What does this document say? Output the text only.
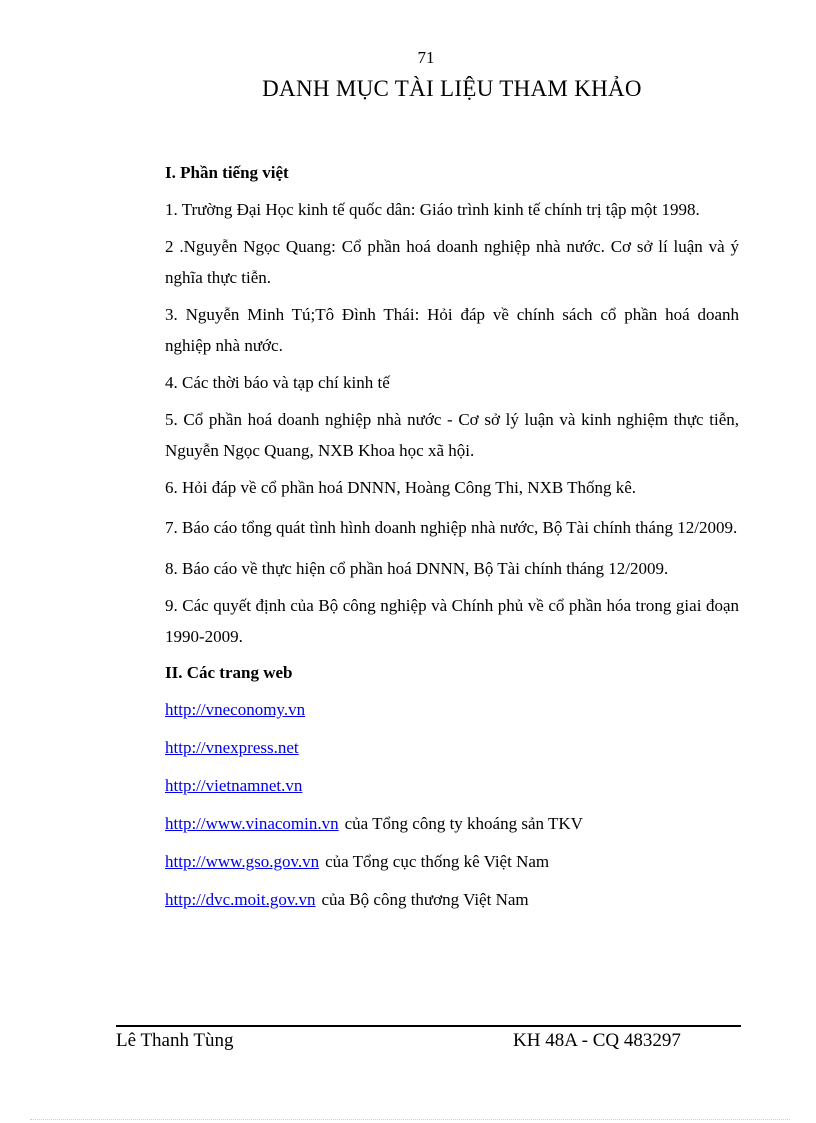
71
DANH MỤC TÀI LIỆU THAM KHẢO

I. Phần tiếng việt

1. Trường Đại Học kinh tế quốc dân: Giáo trình kinh tế chính trị tập một 1998.

2 .Nguyễn Ngọc Quang: Cổ phần hoá doanh nghiệp nhà nước. Cơ sở lí luận và ý nghĩa thực tiễn.

3. Nguyễn Minh Tú;Tô Đình Thái: Hỏi đáp về chính sách cổ phần hoá doanh nghiệp nhà nước.

4. Các thời báo và tạp chí kinh tế

5. Cổ phần hoá doanh nghiệp nhà nước - Cơ sở lý luận và kinh nghiệm thực tiễn, Nguyễn Ngọc Quang, NXB Khoa học xã hội.

6. Hỏi đáp về cổ phần hoá DNNN, Hoàng Công Thi, NXB Thống kê.

7. Báo cáo tổng quát tình hình doanh nghiệp nhà nước, Bộ Tài chính tháng 12/2009.

8. Báo cáo về thực hiện cổ phần hoá DNNN, Bộ Tài chính tháng 12/2009.

9. Các quyết định của Bộ công nghiệp và Chính phủ về cổ phần hóa trong giai đoạn 1990-2009.

II. Các trang web

http://vneconomy.vn
http://vnexpress.net
http://vietnamnet.vn
http://www.vinacomin.vn của Tổng công ty khoáng sản TKV
http://www.gso.gov.vn của Tổng cục thống kê Việt Nam
http://dvc.moit.gov.vn của Bộ công thương Việt Nam
Lê Thanh Tùng	KH 48A - CQ 483297
